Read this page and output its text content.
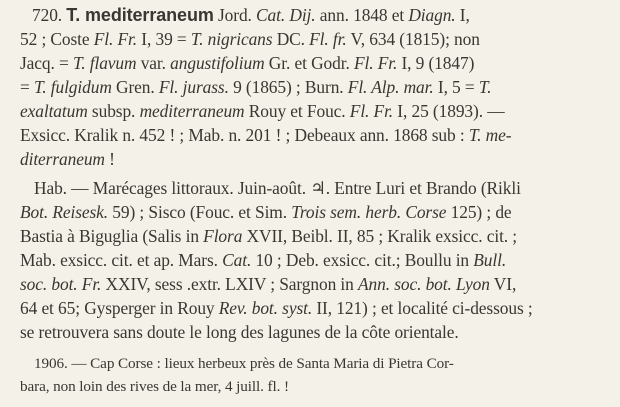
720. T. mediterraneum Jord. Cat. Dij. ann. 1848 et Diagn. I,
52 ; Coste Fl. Fr. I, 39 = T. nigricans DC. Fl. fr. V, 634 (1815); non
Jacq. = T. flavum var. angustifolium Gr. et Godr. Fl. Fr. I, 9 (1847)
= T. fulgidum Gren. Fl. jurass. 9 (1865) ; Burn. Fl. Alp. mar. I, 5 = T.
exaltatum subsp. mediterraneum Rouy et Fouc. Fl. Fr. I, 25 (1893). —
Exsicc. Kralik n. 452 ! ; Mab. n. 201 ! ; Debeaux ann. 1868 sub : T. me-
diterraneum !
Hab. — Marécages littoraux. Juin-août. ♃. Entre Luri et Brando (Rikli
Bot. Reisesk. 59) ; Sisco (Fouc. et Sim. Trois sem. herb. Corse 125) ; de
Bastia à Biguglia (Salis in Flora XVII, Beibl. II, 85 ; Kralik exsicc. cit. ;
Mab. exsicc. cit. et ap. Mars. Cat. 10 ; Deb. exsicc. cit.; Boullu in Bull.
soc. bot. Fr. XXIV, sess .extr. LXIV ; Sargnon in Ann. soc. bot. Lyon VI,
64 et 65; Gysperger in Rouy Rev. bot. syst. II, 121) ; et localité ci-dessous ;
se retrouvera sans doute le long des lagunes de la côte orientale.
1906. — Cap Corse : lieux herbeux près de Santa Maria di Pietra Cor-
bara, non loin des rives de la mer, 4 juill. fl. !
